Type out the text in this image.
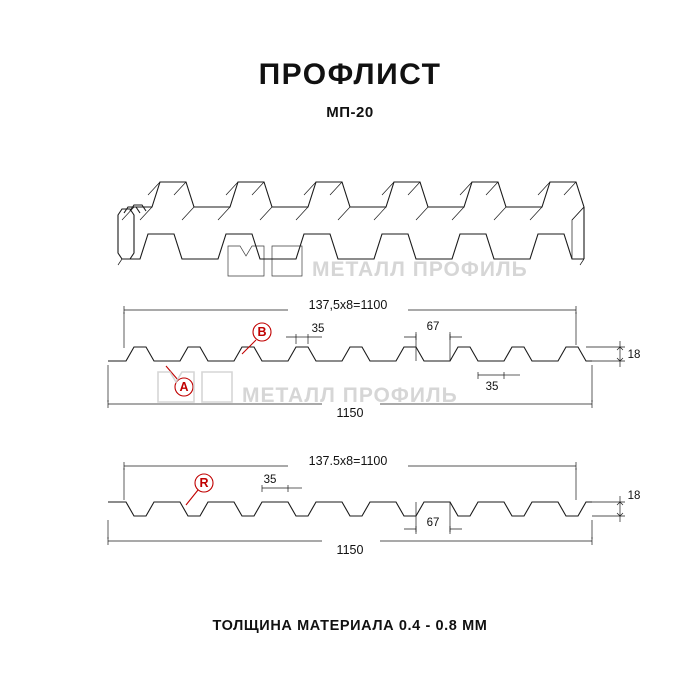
ПРОФЛИСТ
МП-20
ТОЛЩИНА МАТЕРИАЛА 0.4 - 0.8 ММ
МЕТАЛЛ ПРОФИЛЬ
137,5x8=1100
35	67
35
18
B
A
1150
МЕТАЛЛ ПРОФИЛЬ
137.5x8=1100
35
67
18
R
1150
